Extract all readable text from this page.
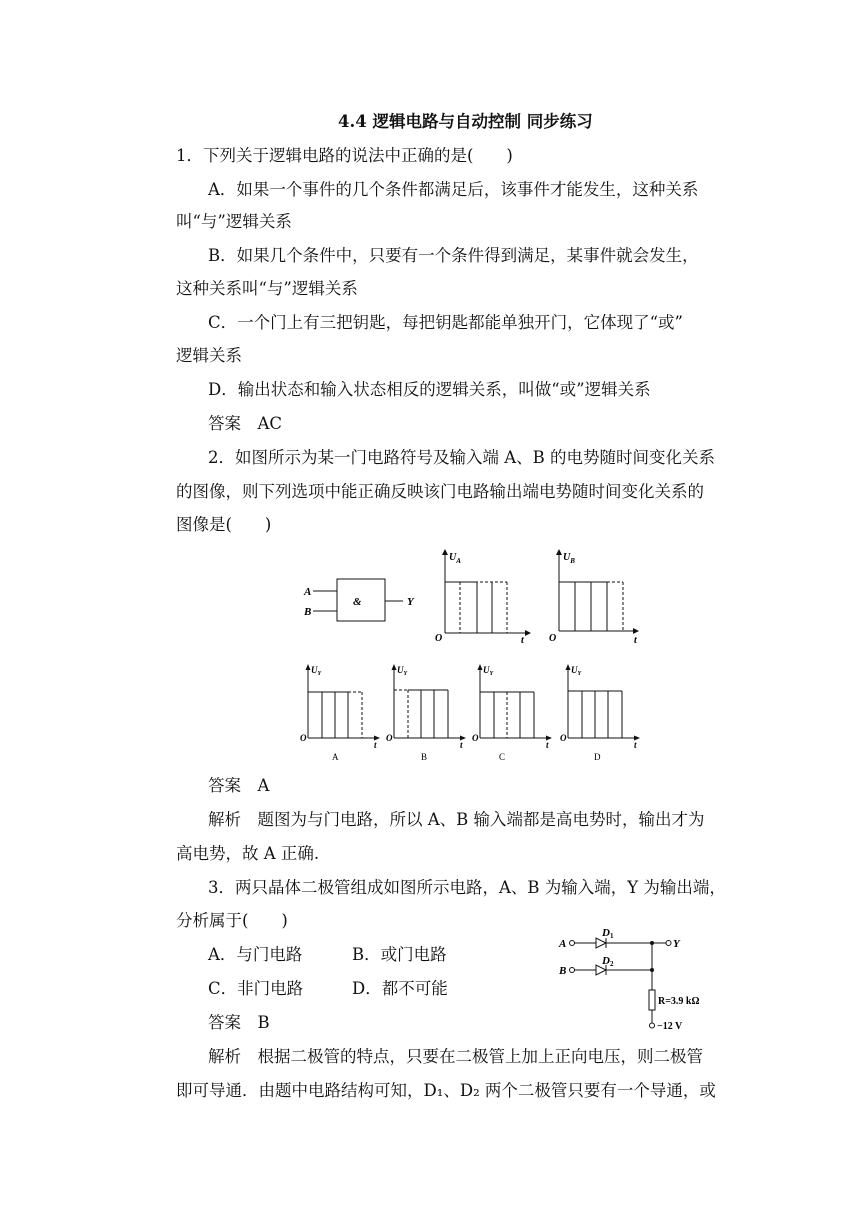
4.4 逻辑电路与自动控制 同步练习
1．下列关于逻辑电路的说法中正确的是(　　)
A．如果一个事件的几个条件都满足后，该事件才能发生，这种关系
叫“与”逻辑关系
B．如果几个条件中，只要有一个条件得到满足，某事件就会发生，
这种关系叫“与”逻辑关系
C．一个门上有三把钥匙，每把钥匙都能单独开门，它体现了“或”
逻辑关系
D．输出状态和输入状态相反的逻辑关系，叫做“或”逻辑关系
答案　AC
2．如图所示为某一门电路符号及输入端 A、B 的电势随时间变化关系
的图像，则下列选项中能正确反映该门电路输出端电势随时间变化关系的
图像是(　　)
A
B
&	Y
$U_A$
O	t
$U_B$
O	t
$U_Y$
O
t
A
$U_Y$
O
t
B
$U_Y$
O
t
C
$U_Y$
O
t
D
答案　A
解析　题图为与门电路，所以 A、B 输入端都是高电势时，输出才为
高电势，故 A 正确.
3．两只晶体二极管组成如图所示电路，A、B 为输入端，Y 为输出端，
分析属于(　　)
A．与门电路	B．或门电路
C．非门电路	D．都不可能
答案　B
A
B
D1
D2
Y
R=3.9 kΩ
−12 V
解析　根据二极管的特点，只要在二极管上加上正向电压，则二极管
即可导通．由题中电路结构可知，D₁、D₂ 两个二极管只要有一个导通，或
